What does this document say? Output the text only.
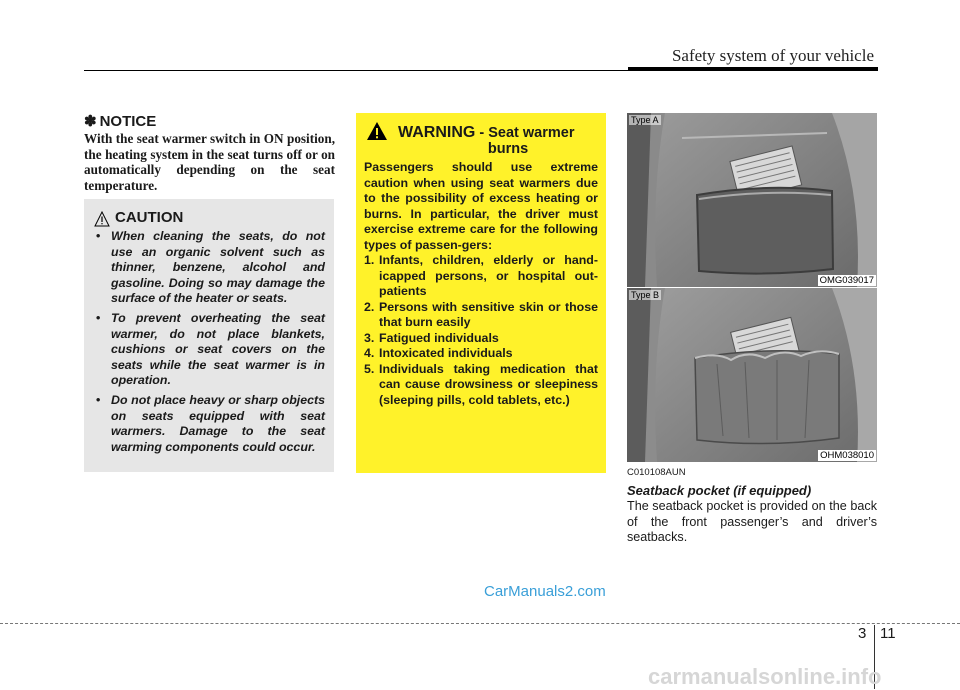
Safety system of your vehicle
✽ NOTICE
With the seat warmer switch in ON position, the heating system in the seat turns off or on automatically depending on the seat temperature.
CAUTION
• When cleaning the seats, do not use an organic solvent such as thinner, benzene, alcohol and gasoline. Doing so may damage the surface of the heater or seats.
• To prevent overheating the seat warmer, do not place blankets, cushions or seat covers on the seats while the seat warmer is in operation.
• Do not place heavy or sharp objects on seats equipped with seat warmers. Damage to the seat warming components could occur.
WARNING - Seat warmer
burns
Passengers should use extreme caution when using seat warmers due to the possibility of excess heating or burns. In particular, the driver must exercise extreme care for the following types of passen-gers:
1. Infants, children, elderly or hand-icapped persons, or hospital out-patients
2. Persons with sensitive skin or those that burn easily
3. Fatigued individuals
4. Intoxicated individuals
5. Individuals taking medication that can cause drowsiness or sleepiness (sleeping pills, cold tablets, etc.)
Type A
OMG039017
Type B
OHM038010
C010108AUN
Seatback pocket (if equipped)
The seatback pocket is provided on the back of the front passenger’s and driver’s seatbacks.
CarManuals2.com
3 11
carmanualsonline.info
